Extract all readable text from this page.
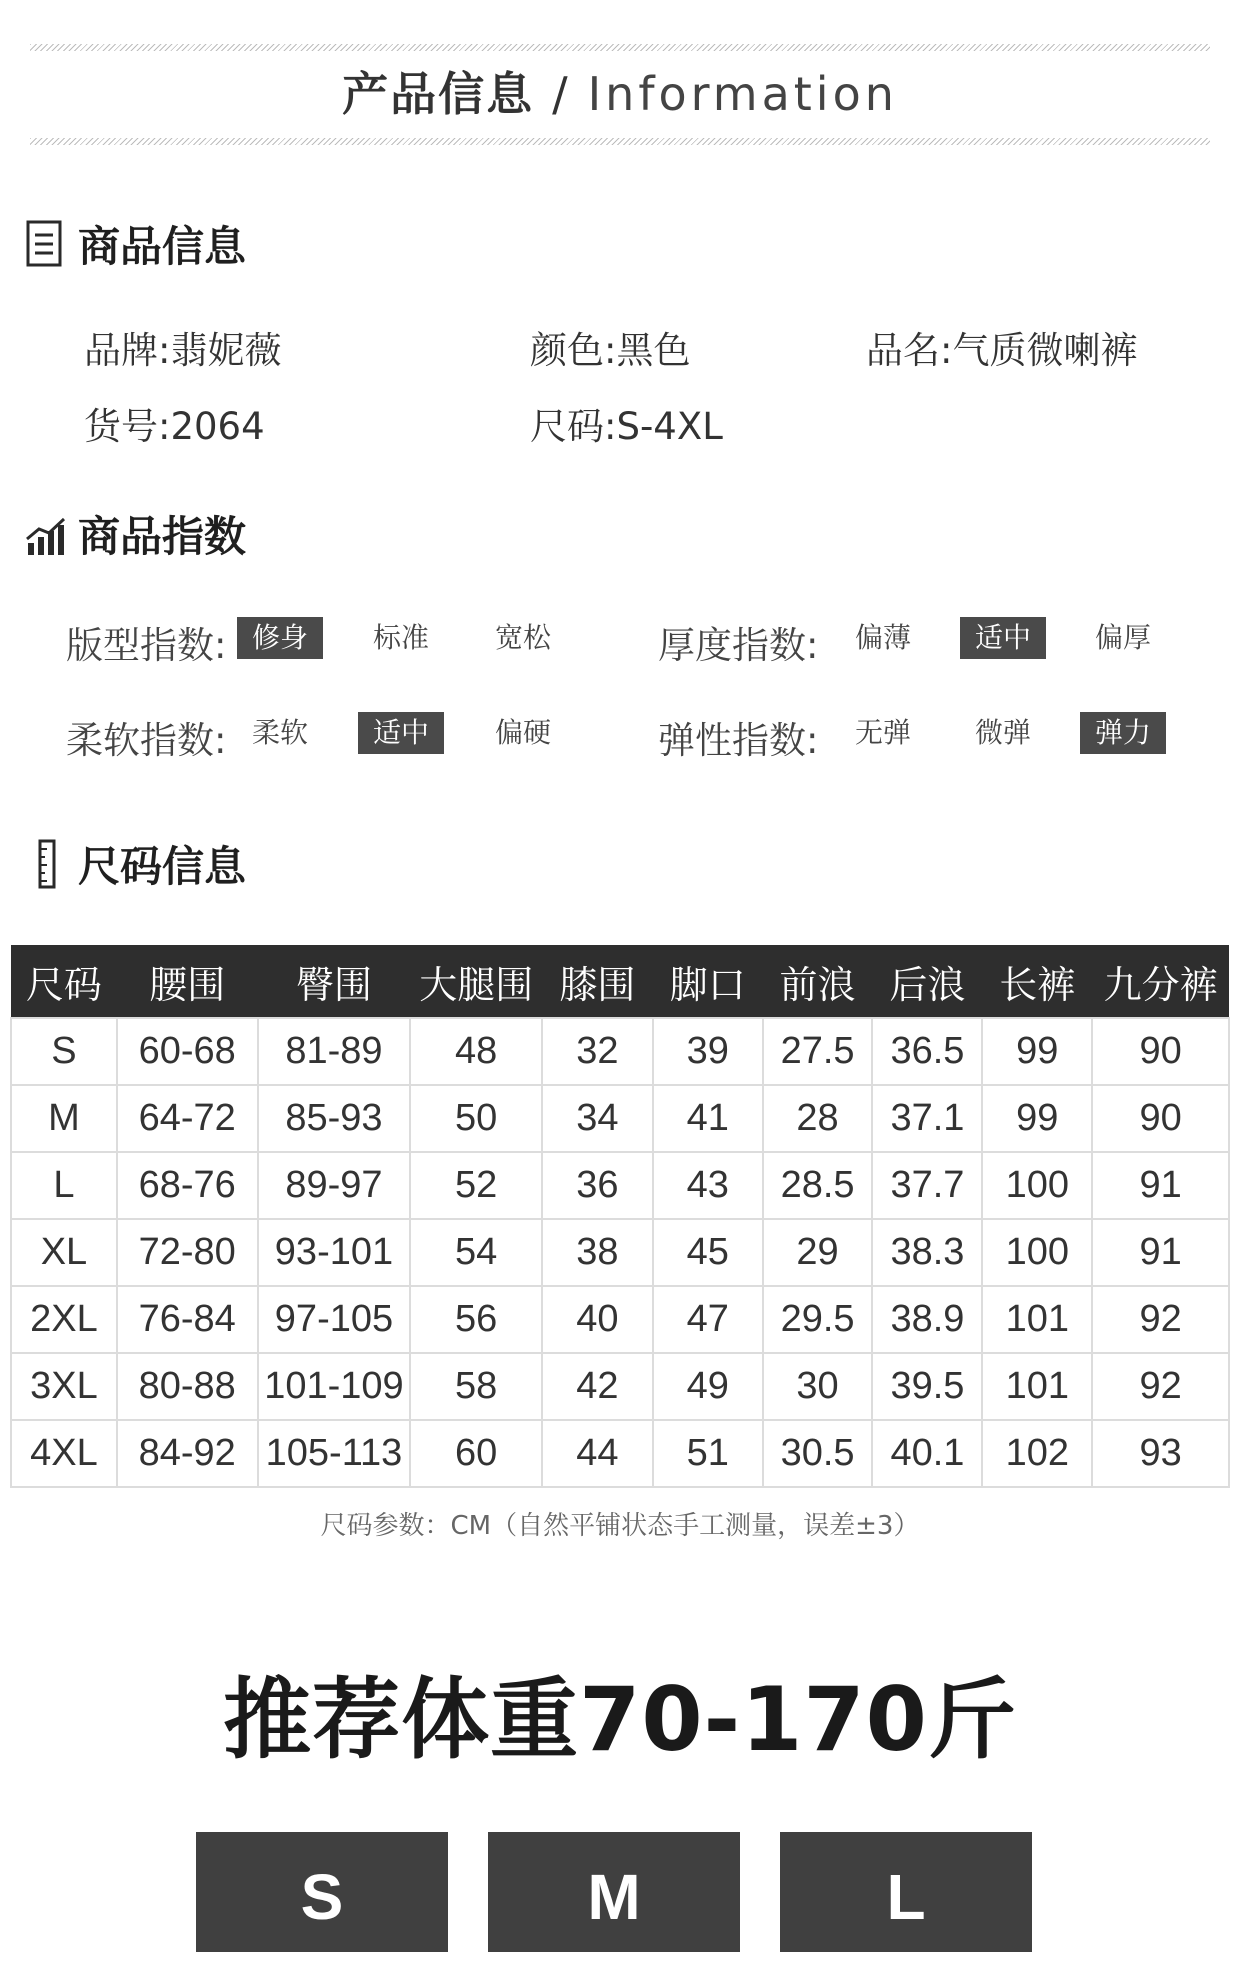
产品信息 / Information
商品信息
品牌:翡妮薇	颜色:黑色	品名:气质微喇裤
货号:2064	尺码:S-4XL
商品指数
版型指数: 修身	标准	宽松	厚度指数:	偏薄	适中	偏厚
柔软指数: 柔软	适中	偏硬	弹性指数:	无弹	微弹	弹力
尺码信息
尺码	腰围	臀围	大腿围	膝围	脚口	前浪	后浪	长裤	九分裤
S	60-68	81-89	48	32	39	27.5	36.5	99	90
M	64-72	85-93	50	34	41	28	37.1	99	90
L	68-76	89-97	52	36	43	28.5	37.7	100	91
XL	72-80	93-101	54	38	45	29	38.3	100	91
2XL	76-84	97-105	56	40	47	29.5	38.9	101	92
3XL	80-88	101-109	58	42	49	30	39.5	101	92
4XL	84-92	105-113	60	44	51	30.5	40.1	102	93
尺码参数：CM（自然平铺状态手工测量，误差±3）
推荐体重70-170斤
S	M	L
